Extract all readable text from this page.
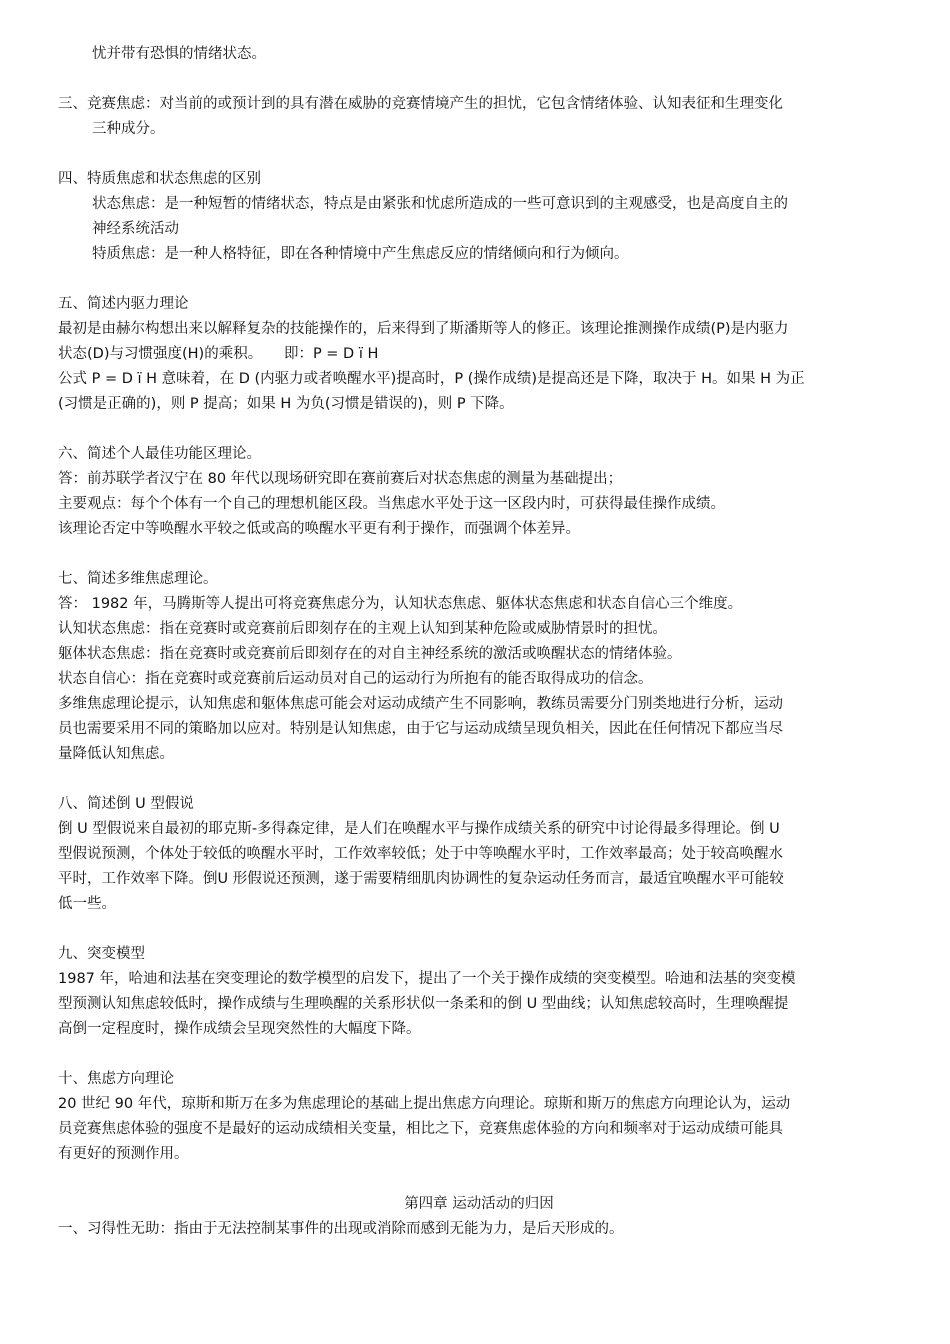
忧并带有恐惧的情绪状态。
三、竞赛焦虑：对当前的或预计到的具有潜在威胁的竞赛情境产生的担忧，它包含情绪体验、认知表征和生理变化
三种成分。
四、特质焦虑和状态焦虑的区别
状态焦虑：是一种短暂的情绪状态，特点是由紧张和忧虑所造成的一些可意识到的主观感受，也是高度自主的
神经系统活动
特质焦虑：是一种人格特征，即在各种情境中产生焦虑反应的情绪倾向和行为倾向。
五、简述内驱力理论
最初是由赫尔构想出来以解释复杂的技能操作的，后来得到了斯潘斯等人的修正。该理论推测操作成绩(P)是内驱力
状态(D)与习惯强度(H)的乘积。　　即：P = D ï H
公式 P = D ï H 意味着，在 D (内驱力或者唤醒水平)提高时，P (操作成绩)是提高还是下降，取决于 H。如果 H 为正
(习惯是正确的)，则 P 提高；如果 H 为负(习惯是错误的)，则 P 下降。
六、简述个人最佳功能区理论。
答：前苏联学者汉宁在 80 年代以现场研究即在赛前赛后对状态焦虑的测量为基础提出；
主要观点：每个个体有一个自己的理想机能区段。当焦虑水平处于这一区段内时，可获得最佳操作成绩。
该理论否定中等唤醒水平较之低或高的唤醒水平更有利于操作，而强调个体差异。
七、简述多维焦虑理论。
答： 1982 年，马腾斯等人提出可将竞赛焦虑分为，认知状态焦虑、躯体状态焦虑和状态自信心三个维度。
认知状态焦虑：指在竞赛时或竞赛前后即刻存在的主观上认知到某种危险或威胁情景时的担忧。
躯体状态焦虑：指在竞赛时或竞赛前后即刻存在的对自主神经系统的激活或唤醒状态的情绪体验。
状态自信心：指在竞赛时或竞赛前后运动员对自己的运动行为所抱有的能否取得成功的信念。
多维焦虑理论提示，认知焦虑和躯体焦虑可能会对运动成绩产生不同影响，教练员需要分门别类地进行分析，运动
员也需要采用不同的策略加以应对。特别是认知焦虑，由于它与运动成绩呈现负相关，因此在任何情况下都应当尽
量降低认知焦虑。
八、简述倒 U 型假说
倒 U 型假说来自最初的耶克斯-多得森定律，是人们在唤醒水平与操作成绩关系的研究中讨论得最多得理论。倒 U
型假说预测，个体处于较低的唤醒水平时，工作效率较低；处于中等唤醒水平时，工作效率最高；处于较高唤醒水
平时，工作效率下降。倒U 形假说还预测，遂于需要精细肌肉协调性的复杂运动任务而言，最适宜唤醒水平可能较
低一些。
九、突变模型
1987 年，哈迪和法基在突变理论的数学模型的启发下，提出了一个关于操作成绩的突变模型。哈迪和法基的突变模
型预测认知焦虑较低时，操作成绩与生理唤醒的关系形状似一条柔和的倒 U 型曲线；认知焦虑较高时，生理唤醒提
高倒一定程度时，操作成绩会呈现突然性的大幅度下降。
十、焦虑方向理论
20 世纪 90 年代，琼斯和斯万在多为焦虑理论的基础上提出焦虑方向理论。琼斯和斯万的焦虑方向理论认为，运动
员竞赛焦虑体验的强度不是最好的运动成绩相关变量，相比之下，竞赛焦虑体验的方向和频率对于运动成绩可能具
有更好的预测作用。
第四章 运动活动的归因
一、习得性无助：指由于无法控制某事件的出现或消除而感到无能为力，是后天形成的。
